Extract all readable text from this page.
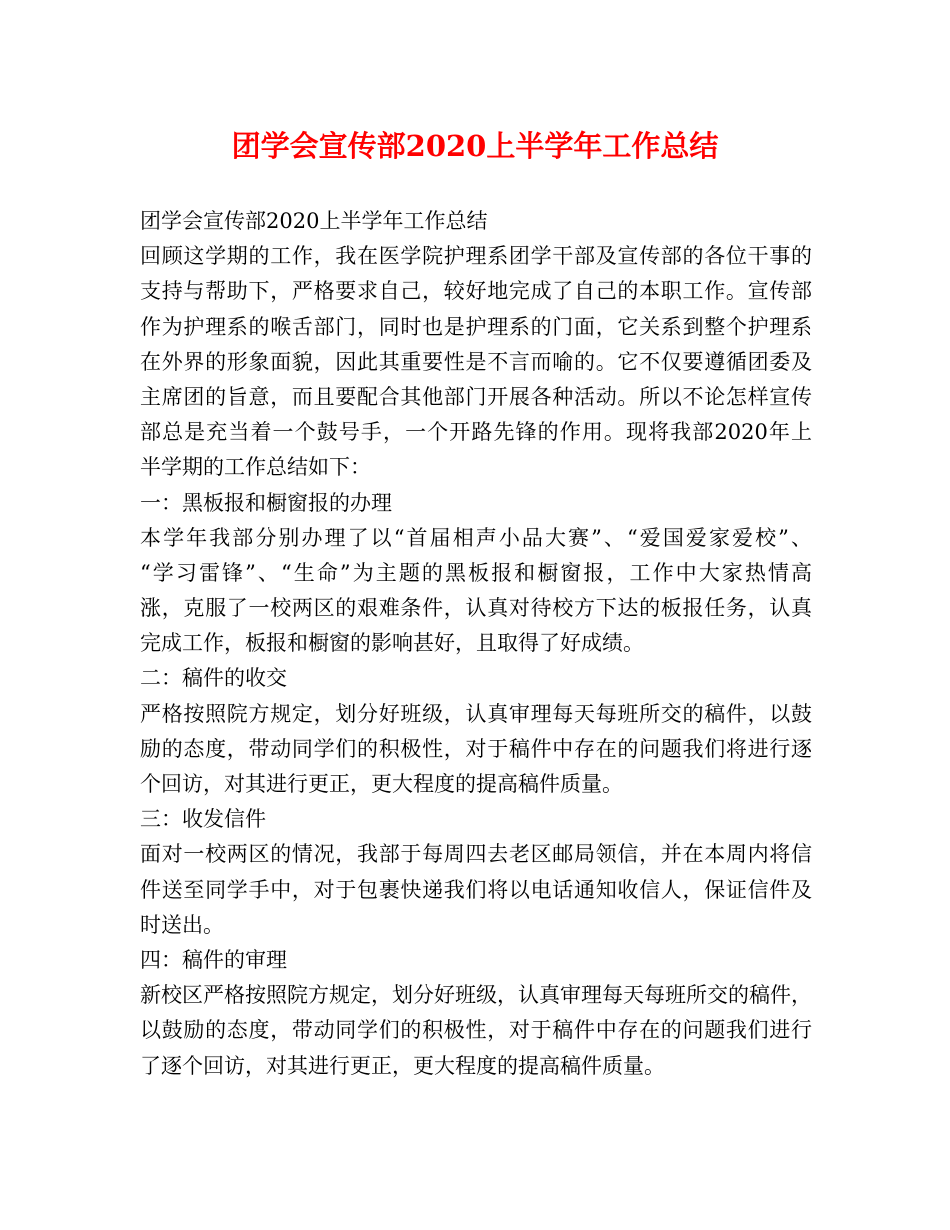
团学会宣传部2020上半学年工作总结
团学会宣传部2020上半学年工作总结
回顾这学期的工作，我在医学院护理系团学干部及宣传部的各位干事的
支持与帮助下，严格要求自己，较好地完成了自己的本职工作。宣传部
作为护理系的喉舌部门，同时也是护理系的门面，它关系到整个护理系
在外界的形象面貌，因此其重要性是不言而喻的。它不仅要遵循团委及
主席团的旨意，而且要配合其他部门开展各种活动。所以不论怎样宣传
部总是充当着一个鼓号手，一个开路先锋的作用。现将我部2020年上
半学期的工作总结如下：
一：黑板报和橱窗报的办理
本学年我部分别办理了以“首届相声小品大赛”、“爱国爱家爱校”、
“学习雷锋”、“生命”为主题的黑板报和橱窗报，工作中大家热情高
涨，克服了一校两区的艰难条件，认真对待校方下达的板报任务，认真
完成工作，板报和橱窗的影响甚好，且取得了好成绩。
二：稿件的收交
严格按照院方规定，划分好班级，认真审理每天每班所交的稿件，以鼓
励的态度，带动同学们的积极性，对于稿件中存在的问题我们将进行逐
个回访，对其进行更正，更大程度的提高稿件质量。
三：收发信件
面对一校两区的情况，我部于每周四去老区邮局领信，并在本周内将信
件送至同学手中，对于包裹快递我们将以电话通知收信人，保证信件及
时送出。
四：稿件的审理
新校区严格按照院方规定，划分好班级，认真审理每天每班所交的稿件，
以鼓励的态度，带动同学们的积极性，对于稿件中存在的问题我们进行
了逐个回访，对其进行更正，更大程度的提高稿件质量。
